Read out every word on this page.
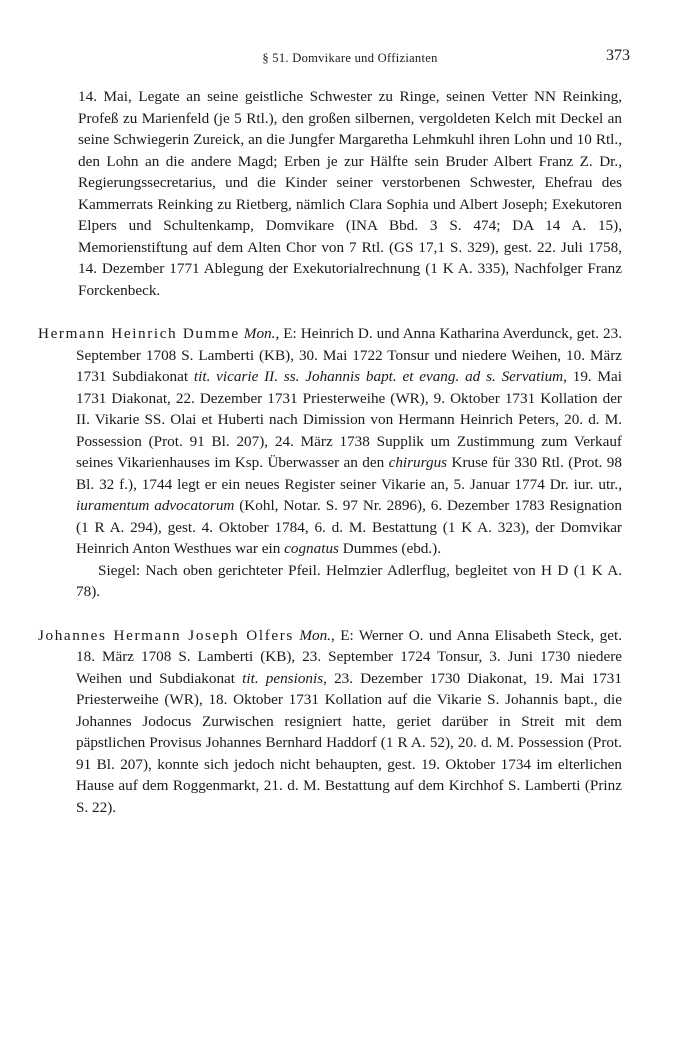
§ 51. Domvikare und Offizianten	373

14. Mai, Legate an seine geistliche Schwester zu Ringe, seinen Vetter NN Reinking, Profeß zu Marienfeld (je 5 Rtl.), den großen silbernen, vergoldeten Kelch mit Deckel an seine Schwiegerin Zureick, an die Jungfer Margaretha Lehmkuhl ihren Lohn und 10 Rtl., den Lohn an die andere Magd; Erben je zur Hälfte sein Bruder Albert Franz Z. Dr., Regierungssecretarius, und die Kinder seiner verstorbenen Schwester, Ehefrau des Kammerrats Reinking zu Rietberg, nämlich Clara Sophia und Albert Joseph; Exekutoren Elpers und Schultenkamp, Domvikare (INA Bbd. 3 S. 474; DA 14 A. 15), Memorienstiftung auf dem Alten Chor von 7 Rtl. (GS 17,1 S. 329), gest. 22. Juli 1758, 14. Dezember 1771 Ablegung der Exekutorialrechnung (1 K A. 335), Nachfolger Franz Forckenbeck.

Hermann Heinrich Dumme Mon., E: Heinrich D. und Anna Katharina Averdunck, get. 23. September 1708 S. Lamberti (KB), 30. Mai 1722 Tonsur und niedere Weihen, 10. März 1731 Subdiakonat tit. vicarie II. ss. Johannis bapt. et evang. ad s. Servatium, 19. Mai 1731 Diakonat, 22. Dezember 1731 Priesterweihe (WR), 9. Oktober 1731 Kollation der II. Vikarie SS. Olai et Huberti nach Dimission von Hermann Heinrich Peters, 20. d. M. Possession (Prot. 91 Bl. 207), 24. März 1738 Supplik um Zustimmung zum Verkauf seines Vikarienhauses im Ksp. Überwasser an den chirurgus Kruse für 330 Rtl. (Prot. 98 Bl. 32 f.), 1744 legt er ein neues Register seiner Vikarie an, 5. Januar 1774 Dr. iur. utr., iuramentum advocatorum (Kohl, Notar. S. 97 Nr. 2896), 6. Dezember 1783 Resignation (1 R A. 294), gest. 4. Oktober 1784, 6. d. M. Bestattung (1 K A. 323), der Domvikar Heinrich Anton Westhues war ein cognatus Dummes (ebd.).

Siegel: Nach oben gerichteter Pfeil. Helmzier Adlerflug, begleitet von H D (1 K A. 78).

Johannes Hermann Joseph Olfers Mon., E: Werner O. und Anna Elisabeth Steck, get. 18. März 1708 S. Lamberti (KB), 23. September 1724 Tonsur, 3. Juni 1730 niedere Weihen und Subdiakonat tit. pensionis, 23. Dezember 1730 Diakonat, 19. Mai 1731 Priesterweihe (WR), 18. Oktober 1731 Kollation auf die Vikarie S. Johannis bapt., die Johannes Jodocus Zurwischen resigniert hatte, geriet darüber in Streit mit dem päpstlichen Provisus Johannes Bernhard Haddorf (1 R A. 52), 20. d. M. Possession (Prot. 91 Bl. 207), konnte sich jedoch nicht behaupten, gest. 19. Oktober 1734 im elterlichen Hause auf dem Roggenmarkt, 21. d. M. Bestattung auf dem Kirchhof S. Lamberti (Prinz S. 22).
